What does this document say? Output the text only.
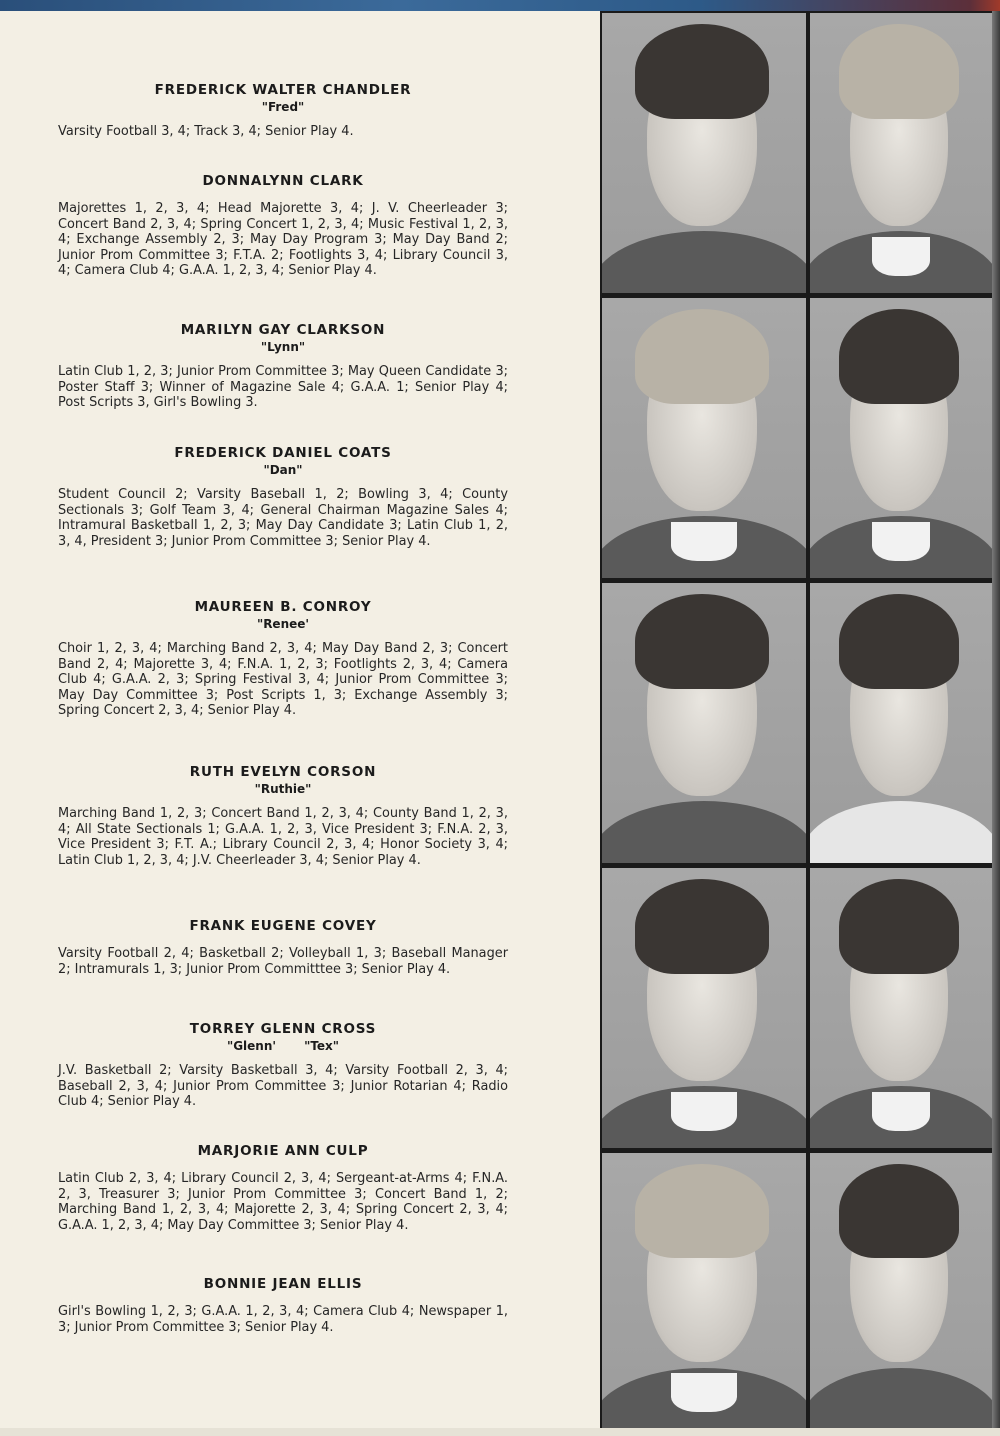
FREDERICK WALTER CHANDLER

"Fred"

Varsity Football 3, 4; Track 3, 4; Senior Play 4.

DONNALYNN CLARK

Majorettes 1, 2, 3, 4; Head Majorette 3, 4; J. V. Cheerleader 3; Concert Band 2, 3, 4; Spring Concert 1, 2, 3, 4; Music Festival 1, 2, 3, 4; Exchange Assembly 2, 3; May Day Program 3; May Day Band 2; Junior Prom Committee 3; F.T.A. 2; Footlights 3, 4; Library Council 3, 4; Camera Club 4; G.A.A. 1, 2, 3, 4; Senior Play 4.

MARILYN GAY CLARKSON

"Lynn"

Latin Club 1, 2, 3; Junior Prom Committee 3; May Queen Candidate 3; Poster Staff 3; Winner of Magazine Sale 4; G.A.A. 1; Senior Play 4; Post Scripts 3, Girl's Bowling 3.

FREDERICK DANIEL COATS

"Dan"

Student Council 2; Varsity Baseball 1, 2; Bowling 3, 4; County Sectionals 3; Golf Team 3, 4; General Chairman Magazine Sales 4; Intramural Basketball 1, 2, 3; May Day Candidate 3; Latin Club 1, 2, 3, 4, President 3; Junior Prom Committee 3; Senior Play 4.

MAUREEN B. CONROY

"Renee'

Choir 1, 2, 3, 4; Marching Band 2, 3, 4; May Day Band 2, 3; Concert Band 2, 4; Majorette 3, 4; F.N.A. 1, 2, 3; Footlights 2, 3, 4; Camera Club 4; G.A.A. 2, 3; Spring Festival 3, 4; Junior Prom Committee 3; May Day Committee 3; Post Scripts 1, 3; Exchange Assembly 3; Spring Concert 2, 3, 4; Senior Play 4.

RUTH EVELYN CORSON

"Ruthie"

Marching Band 1, 2, 3; Concert Band 1, 2, 3, 4; County Band 1, 2, 3, 4; All State Sectionals 1; G.A.A. 1, 2, 3, Vice President 3; F.N.A. 2, 3, Vice President 3; F.T. A.; Library Council 2, 3, 4; Honor Society 3, 4; Latin Club 1, 2, 3, 4; J.V. Cheerleader 3, 4; Senior Play 4.

FRANK EUGENE COVEY

Varsity Football 2, 4; Basketball 2; Volleyball 1, 3; Baseball Manager 2; Intramurals 1, 3; Junior Prom Committtee 3; Senior Play 4.

TORREY GLENN CROSS

"Glenn' "Tex"

J.V. Basketball 2; Varsity Basketball 3, 4; Varsity Football 2, 3, 4; Baseball 2, 3, 4; Junior Prom Committee 3; Junior Rotarian 4; Radio Club 4; Senior Play 4.

MARJORIE ANN CULP

Latin Club 2, 3, 4; Library Council 2, 3, 4; Sergeant-at-Arms 4; F.N.A. 2, 3, Treasurer 3; Junior Prom Committee 3; Concert Band 1, 2; Marching Band 1, 2, 3, 4; Majorette 2, 3, 4; Spring Concert 2, 3, 4; G.A.A. 1, 2, 3, 4; May Day Committee 3; Senior Play 4.

BONNIE JEAN ELLIS

Girl's Bowling 1, 2, 3; G.A.A. 1, 2, 3, 4; Camera Club 4; Newspaper 1, 3; Junior Prom Committee 3; Senior Play 4.
